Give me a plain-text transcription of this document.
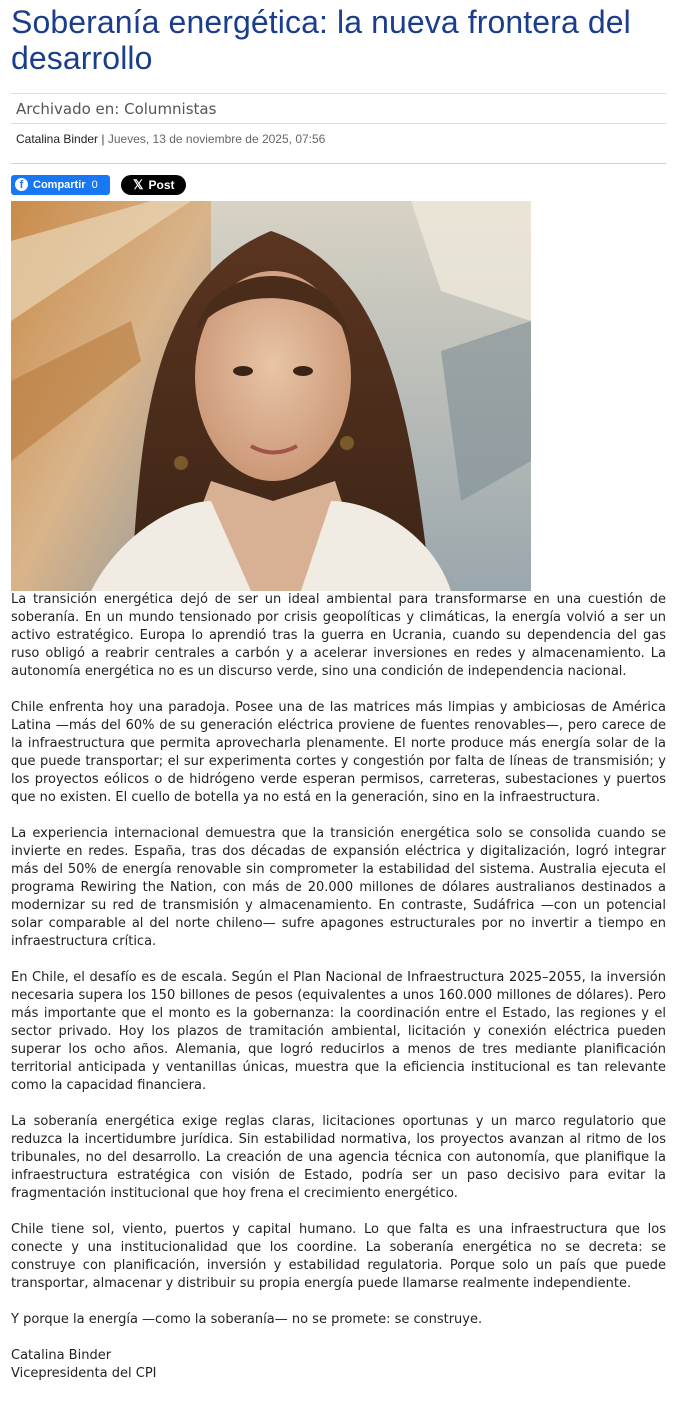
Soberanía energética: la nueva frontera del desarrollo
Archivado en: Columnistas
Catalina Binder | Jueves, 13 de noviembre de 2025, 07:56
f Compartir 0	𝕏 Post

La transición energética dejó de ser un ideal ambiental para transformarse en una cuestión de soberanía. En un mundo tensionado por crisis geopolíticas y climáticas, la energía volvió a ser un activo estratégico. Europa lo aprendió tras la guerra en Ucrania, cuando su dependencia del gas ruso obligó a reabrir centrales a carbón y a acelerar inversiones en redes y almacenamiento. La autonomía energética no es un discurso verde, sino una condición de independencia nacional.

Chile enfrenta hoy una paradoja. Posee una de las matrices más limpias y ambiciosas de América Latina —más del 60% de su generación eléctrica proviene de fuentes renovables—, pero carece de la infraestructura que permita aprovecharla plenamente. El norte produce más energía solar de la que puede transportar; el sur experimenta cortes y congestión por falta de líneas de transmisión; y los proyectos eólicos o de hidrógeno verde esperan permisos, carreteras, subestaciones y puertos que no existen. El cuello de botella ya no está en la generación, sino en la infraestructura.

La experiencia internacional demuestra que la transición energética solo se consolida cuando se invierte en redes. España, tras dos décadas de expansión eléctrica y digitalización, logró integrar más del 50% de energía renovable sin comprometer la estabilidad del sistema. Australia ejecuta el programa Rewiring the Nation, con más de 20.000 millones de dólares australianos destinados a modernizar su red de transmisión y almacenamiento. En contraste, Sudáfrica —con un potencial solar comparable al del norte chileno— sufre apagones estructurales por no invertir a tiempo en infraestructura crítica.

En Chile, el desafío es de escala. Según el Plan Nacional de Infraestructura 2025–2055, la inversión necesaria supera los 150 billones de pesos (equivalentes a unos 160.000 millones de dólares). Pero más importante que el monto es la gobernanza: la coordinación entre el Estado, las regiones y el sector privado. Hoy los plazos de tramitación ambiental, licitación y conexión eléctrica pueden superar los ocho años. Alemania, que logró reducirlos a menos de tres mediante planificación territorial anticipada y ventanillas únicas, muestra que la eficiencia institucional es tan relevante como la capacidad financiera.

La soberanía energética exige reglas claras, licitaciones oportunas y un marco regulatorio que reduzca la incertidumbre jurídica. Sin estabilidad normativa, los proyectos avanzan al ritmo de los tribunales, no del desarrollo. La creación de una agencia técnica con autonomía, que planifique la infraestructura estratégica con visión de Estado, podría ser un paso decisivo para evitar la fragmentación institucional que hoy frena el crecimiento energético.

Chile tiene sol, viento, puertos y capital humano. Lo que falta es una infraestructura que los conecte y una institucionalidad que los coordine. La soberanía energética no se decreta: se construye con planificación, inversión y estabilidad regulatoria. Porque solo un país que puede transportar, almacenar y distribuir su propia energía puede llamarse realmente independiente.

Y porque la energía —como la soberanía— no se promete: se construye.

Catalina Binder
Vicepresidenta del CPI
